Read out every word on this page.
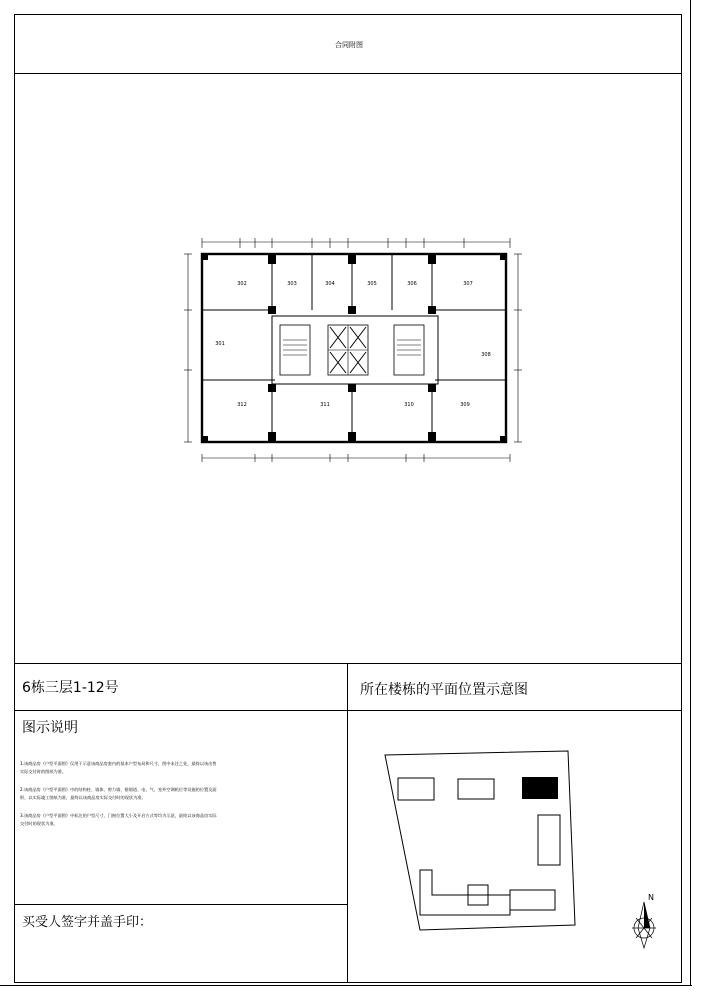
合同附图
6栋三层1-12号	所在楼栋的平面位置示意图
图示说明
买受人签字并盖手印：

1.该商品房《户型平面图》仅用于示意该商品房套内的基本户型布局和尺寸，图中未注之处，最终以该出售实际交付时的图纸为准。

2.该商品房《户型平面图》中的结构柱、墙体、剪力墙、排烟道、电、气、室外空调机位等设施的位置及面积，以实际竣工图纸为准，最终以该商品房实际交付时的现状为准。

3.该商品房《户型平面图》中标注的户型尺寸，门窗位置大小及开启方式等均为示意，最终以该商品房实际交付时的现状为准。

302	303	304	305	306	307
301
308
312	311	310	309
N
